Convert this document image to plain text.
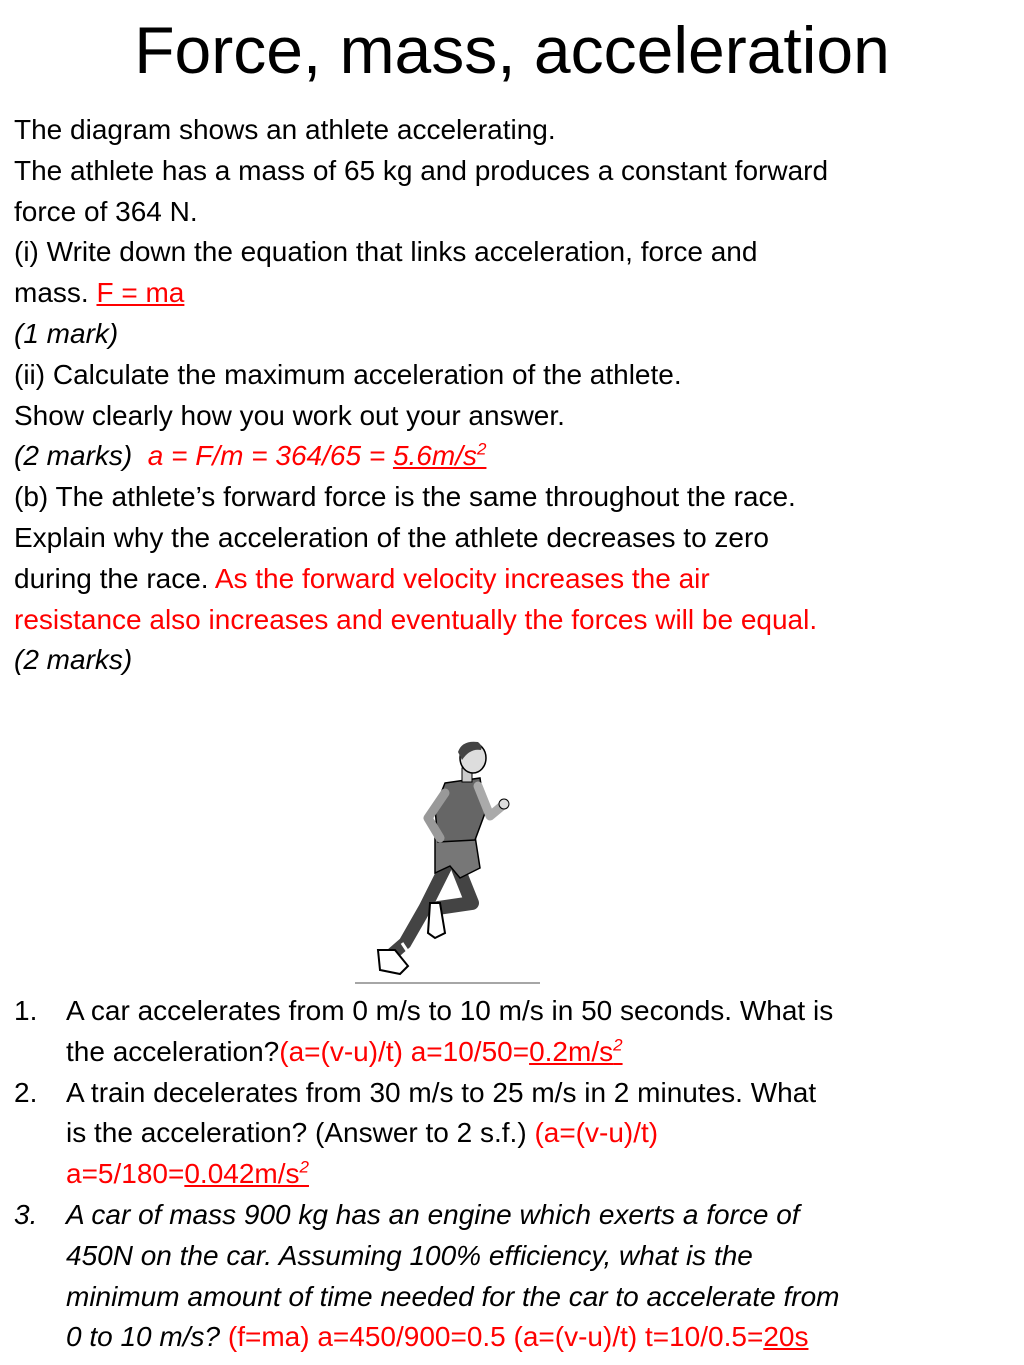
Force, mass, acceleration
The diagram shows an athlete accelerating.
The athlete has a mass of 65 kg and produces a constant forward
force of 364 N.
(i) Write down the equation that links acceleration, force and
mass. F = ma
(1 mark)
(ii) Calculate the maximum acceleration of the athlete.
Show clearly how you work out your answer.
(2 marks) $a = F/m = 364/65 = 5.6m/s^2$
(b) The athlete’s forward force is the same throughout the race.
Explain why the acceleration of the athlete decreases to zero
during the race. As the forward velocity increases the air
resistance also increases and eventually the forces will be equal.
(2 marks)
1. A car accelerates from 0 m/s to 10 m/s in 50 seconds. What is
the acceleration?(a=(v-u)/t) $a=10/50=0.2m/s^2$
2. A train decelerates from 30 m/s to 25 m/s in 2 minutes. What
is the acceleration? (Answer to 2 s.f.) (a=(v-u)/t)
$a=5/180=0.042m/s^2$
3. A car of mass 900 kg has an engine which exerts a force of
450N on the car. Assuming 100% efficiency, what is the
minimum amount of time needed for the car to accelerate from
0 to 10 m/s? (f=ma) a=450/900=0.5 (a=(v-u)/t) t=10/0.5=20s
